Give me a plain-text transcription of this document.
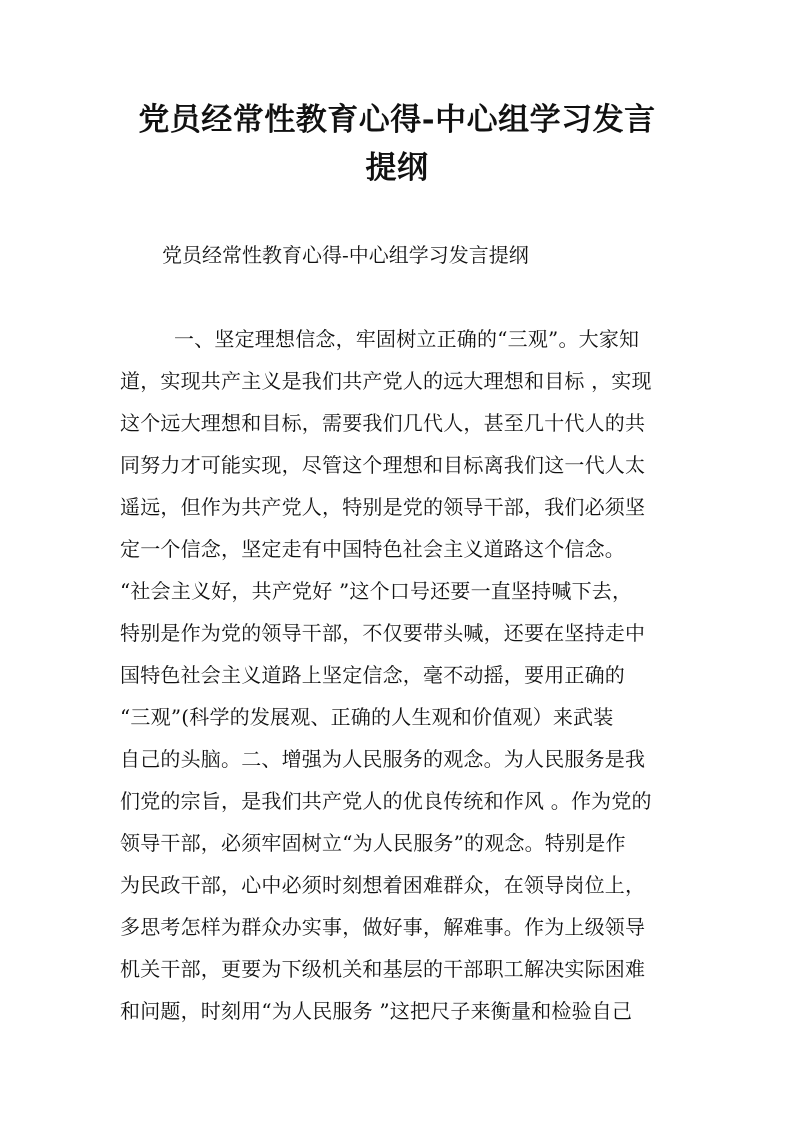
党员经常性教育心得-中心组学习发言
提纲
党员经常性教育心得-中心组学习发言提纲
一、坚定理想信念，牢固树立正确的“三观”。大家知
道，实现共产主义是我们共产党人的远大理想和目标 ，实现
这个远大理想和目标，需要我们几代人，甚至几十代人的共
同努力才可能实现，尽管这个理想和目标离我们这一代人太
遥远，但作为共产党人，特别是党的领导干部，我们必须坚
定一个信念，坚定走有中国特色社会主义道路这个信念。
“社会主义好，共产党好 ”这个口号还要一直坚持喊下去，
特别是作为党的领导干部，不仅要带头喊，还要在坚持走中
国特色社会主义道路上坚定信念，毫不动摇，要用正确的
“三观”(科学的发展观、正确的人生观和价值观）来武装
自己的头脑。二、增强为人民服务的观念。为人民服务是我
们党的宗旨，是我们共产党人的优良传统和作风 。作为党的
领导干部，必须牢固树立“为人民服务”的观念。特别是作
为民政干部，心中必须时刻想着困难群众，在领导岗位上，
多思考怎样为群众办实事，做好事，解难事。作为上级领导
机关干部，更要为下级机关和基层的干部职工解决实际困难
和问题，时刻用“为人民服务 ”这把尺子来衡量和检验自己
